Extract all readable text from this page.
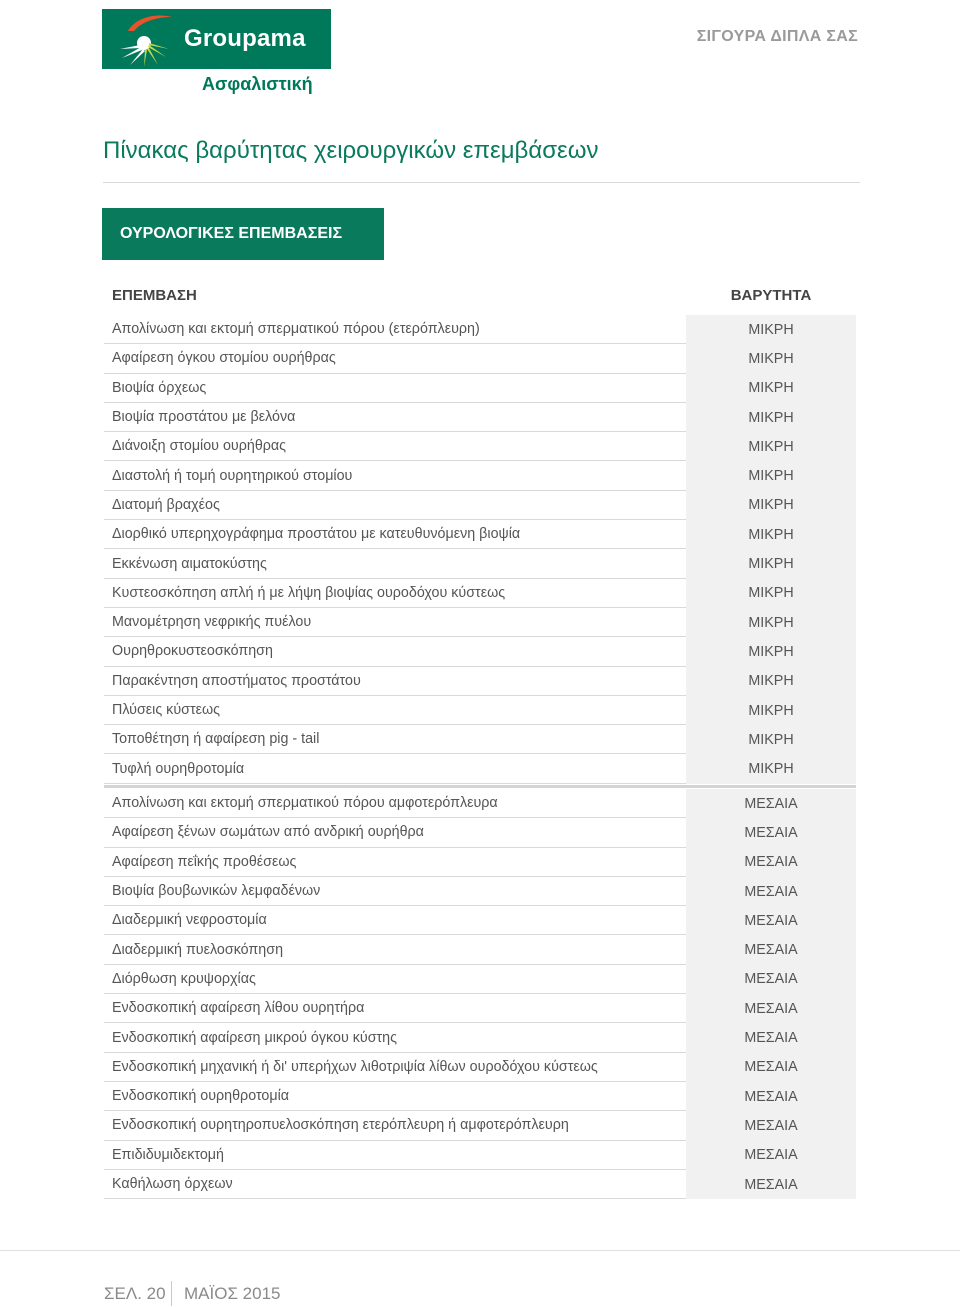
Groupama
Ασφαλιστική
ΣΙΓΟΥΡΑ ΔΙΠΛΑ ΣΑΣ
Πίνακας βαρύτητας χειρουργικών επεμβάσεων
ΟΥΡΟΛΟΓΙΚΕΣ ΕΠΕΜΒΑΣΕΙΣ
ΕΠΕΜΒΑΣΗ	ΒΑΡΥΤΗΤΑ
Απολίνωση και εκτομή σπερματικού πόρου (ετερόπλευρη)	ΜΙΚΡΗ
Αφαίρεση όγκου στομίου ουρήθρας	ΜΙΚΡΗ
Βιοψία όρχεως	ΜΙΚΡΗ
Βιοψία προστάτου με βελόνα	ΜΙΚΡΗ
Διάνοιξη στομίου ουρήθρας	ΜΙΚΡΗ
Διαστολή ή τομή ουρητηρικού στομίου	ΜΙΚΡΗ
Διατομή βραχέος	ΜΙΚΡΗ
Διορθικό υπερηχογράφημα προστάτου με κατευθυνόμενη βιοψία	ΜΙΚΡΗ
Εκκένωση αιματοκύστης	ΜΙΚΡΗ
Κυστεοσκόπηση απλή ή με λήψη βιοψίας ουροδόχου κύστεως	ΜΙΚΡΗ
Μανομέτρηση νεφρικής πυέλου	ΜΙΚΡΗ
Ουρηθροκυστεοσκόπηση	ΜΙΚΡΗ
Παρακέντηση αποστήματος προστάτου	ΜΙΚΡΗ
Πλύσεις κύστεως	ΜΙΚΡΗ
Τοποθέτηση ή αφαίρεση pig - tail	ΜΙΚΡΗ
Τυφλή ουρηθροτομία	ΜΙΚΡΗ
Απολίνωση και εκτομή σπερματικού πόρου αμφοτερόπλευρα	ΜΕΣΑΙΑ
Αφαίρεση ξένων σωμάτων από ανδρική ουρήθρα	ΜΕΣΑΙΑ
Αφαίρεση πεΐκής προθέσεως	ΜΕΣΑΙΑ
Βιοψία βουβωνικών λεμφαδένων	ΜΕΣΑΙΑ
Διαδερμική νεφροστομία	ΜΕΣΑΙΑ
Διαδερμική πυελοσκόπηση	ΜΕΣΑΙΑ
Διόρθωση κρυψορχίας	ΜΕΣΑΙΑ
Ενδοσκοπική αφαίρεση λίθου ουρητήρα	ΜΕΣΑΙΑ
Ενδοσκοπική αφαίρεση μικρού όγκου κύστης	ΜΕΣΑΙΑ
Ενδοσκοπική μηχανική ή δι' υπερήχων λιθοτριψία λίθων ουροδόχου κύστεως	ΜΕΣΑΙΑ
Ενδοσκοπική ουρηθροτομία	ΜΕΣΑΙΑ
Ενδοσκοπική ουρητηροπυελοσκόπηση ετερόπλευρη ή αμφοτερόπλευρη	ΜΕΣΑΙΑ
Επιδιδυμιδεκτομή	ΜΕΣΑΙΑ
Καθήλωση όρχεων	ΜΕΣΑΙΑ
ΣΕΛ. 20 ΜΑΪΟΣ 2015
